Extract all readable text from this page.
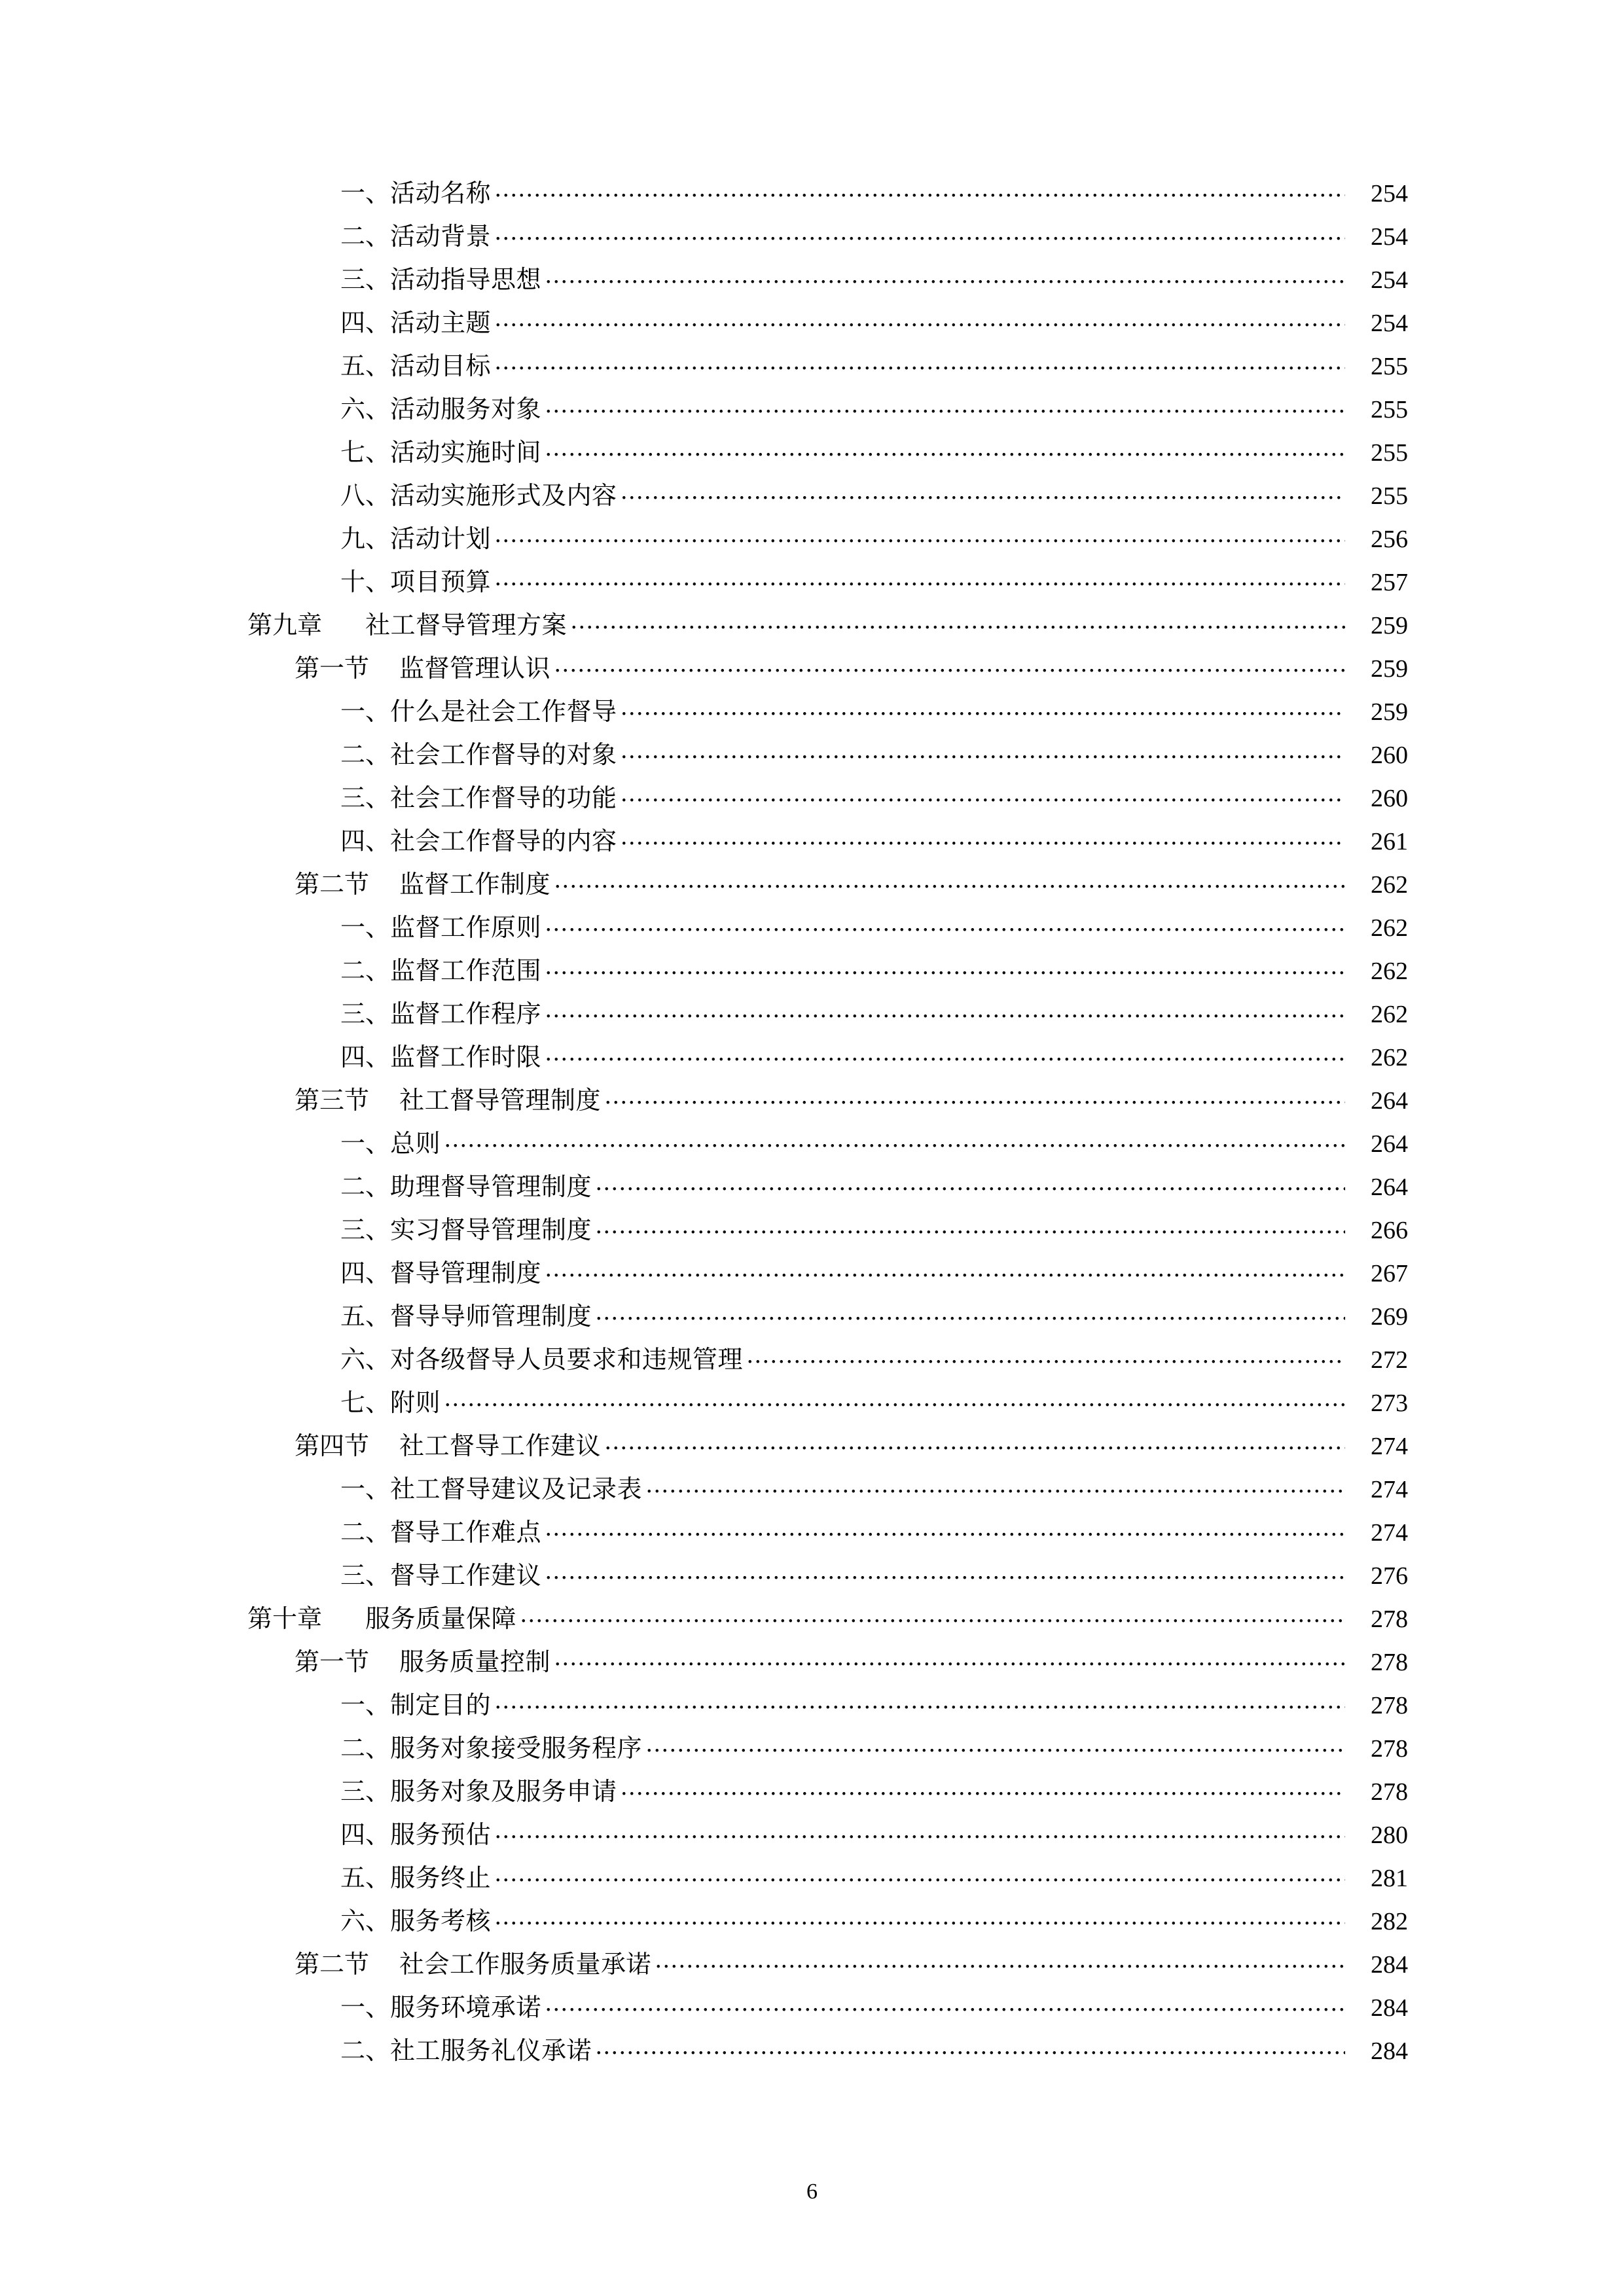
一、 活动名称 .....	254
二、 活动背景 .....	254
三、 活动指导思想 .....	254
四、 活动主题 .....	254
五、 活动目标 .....	255
六、 活动服务对象 .....	255
七、 活动实施时间 .....	255
八、 活动实施形式及内容 .....	255
九、 活动计划 .....	256
十、 项目预算 .....	257
第九章	社工督导管理方案 .....	259
第一节	监督管理认识 .....	259
一、 什么是社会工作督导 .....	259
二、 社会工作督导的对象 .....	260
三、 社会工作督导的功能 .....	260
四、 社会工作督导的内容 .....	261
第二节	监督工作制度 .....	262
一、 监督工作原则 .....	262
二、 监督工作范围 .....	262
三、 监督工作程序 .....	262
四、 监督工作时限 .....	262
第三节	社工督导管理制度 .....	264
一、 总则 .....	264
二、 助理督导管理制度 .....	264
三、 实习督导管理制度 .....	266
四、 督导管理制度 .....	267
五、 督导导师管理制度 .....	269
六、 对各级督导人员要求和违规管理 .....	272
七、 附则 .....	273
第四节	社工督导工作建议 .....	274
一、 社工督导建议及记录表 .....	274
二、 督导工作难点 .....	274
三、 督导工作建议 .....	276
第十章	服务质量保障 .....	278
第一节	服务质量控制 .....	278
一、 制定目的 .....	278
二、 服务对象接受服务程序 .....	278
三、 服务对象及服务申请 .....	278
四、 服务预估 .....	280
五、 服务终止 .....	281
六、 服务考核 .....	282
第二节	社会工作服务质量承诺 .....	284
一、 服务环境承诺 .....	284
二、 社工服务礼仪承诺 .....	284
6
